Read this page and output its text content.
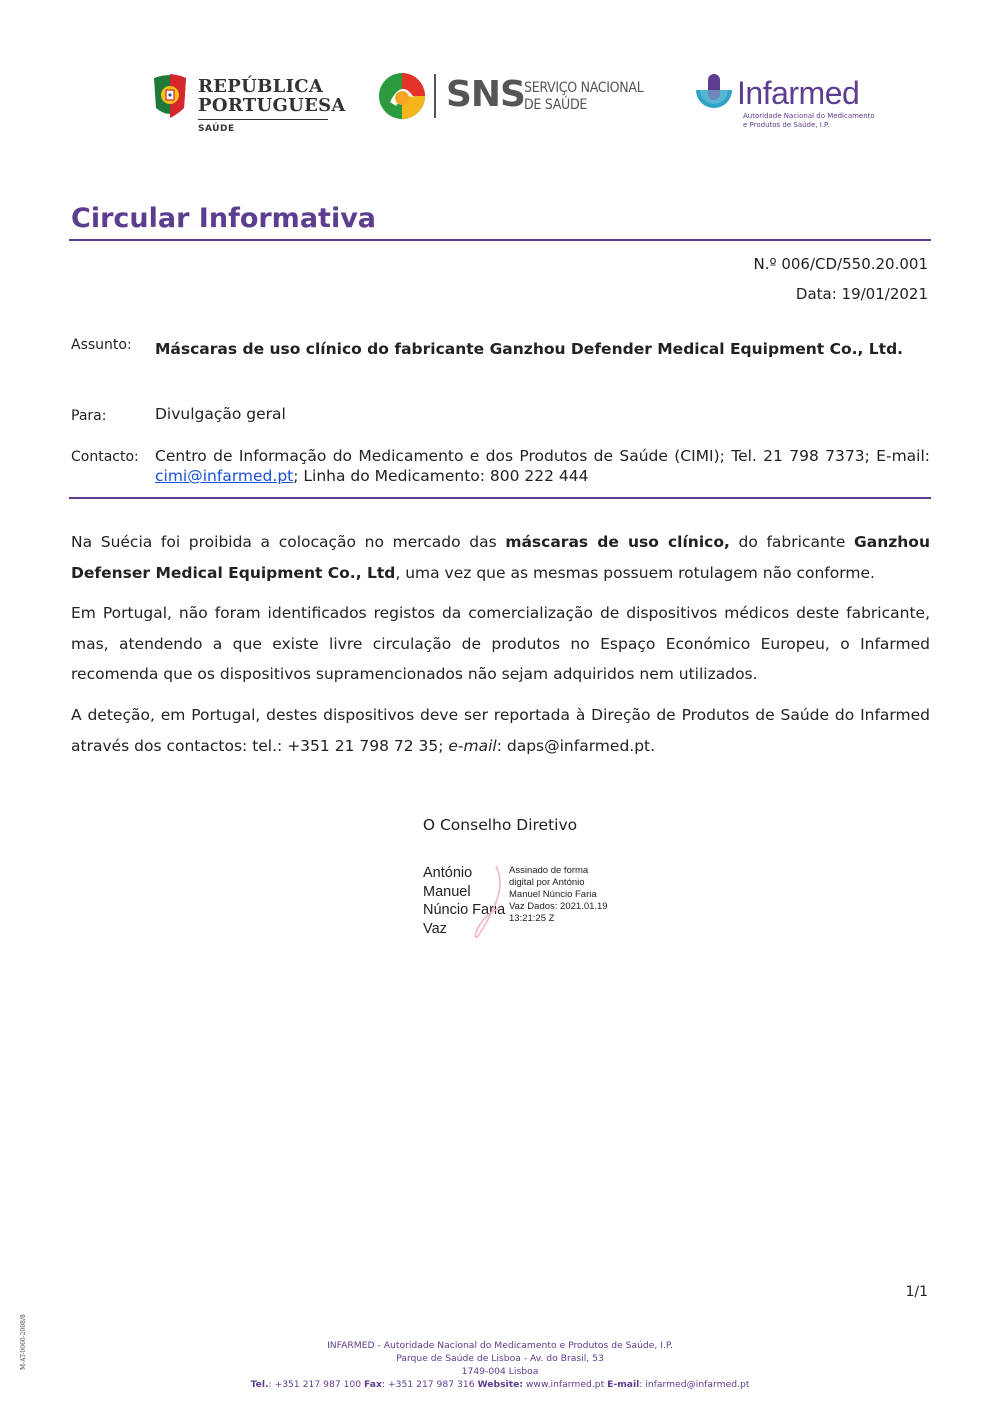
REPÚBLICA
PORTUGUESA
SAÚDE
SNS SERVIÇO NACIONAL
DE SAÚDE	Infarmed
Autoridade Nacional do Medicamento
e Produtos de Saúde, I.P.
Circular Informativa
N.º 006/CD/550.20.001
Data: 19/01/2021
Assunto: Máscaras de uso clínico do fabricante Ganzhou Defender Medical Equipment Co., Ltd.
Para:	Divulgação geral
Contacto: Centro de Informação do Medicamento e dos Produtos de Saúde (CIMI); Tel. 21 798 7373; E-mail: cimi@infarmed.pt; Linha do Medicamento: 800 222 444

Na Suécia foi proibida a colocação no mercado das máscaras de uso clínico, do fabricante Ganzhou Defenser Medical Equipment Co., Ltd, uma vez que as mesmas possuem rotulagem não conforme.

Em Portugal, não foram identificados registos da comercialização de dispositivos médicos deste fabricante, mas, atendendo a que existe livre circulação de produtos no Espaço Económico Europeu, o Infarmed recomenda que os dispositivos supramencionados não sejam adquiridos nem utilizados.

A deteção, em Portugal, destes dispositivos deve ser reportada à Direção de Produtos de Saúde do Infarmed através dos contactos: tel.: +351 21 798 72 35; e-mail: daps@infarmed.pt.

O Conselho Diretivo
António Manuel Núncio Faria Vaz
Assinado de forma digital por António Manuel Núncio Faria Vaz Dados: 2021.01.19 13:21:25 Z
1/1
M-AT-0060-2008/8	INFARMED - Autoridade Nacional do Medicamento e Produtos de Saúde, I.P.
Parque de Saúde de Lisboa - Av. do Brasil, 53
1749-004 Lisboa
Tel.: +351 217 987 100 Fax: +351 217 987 316 Website: www.infarmed.pt E-mail: infarmed@infarmed.pt
